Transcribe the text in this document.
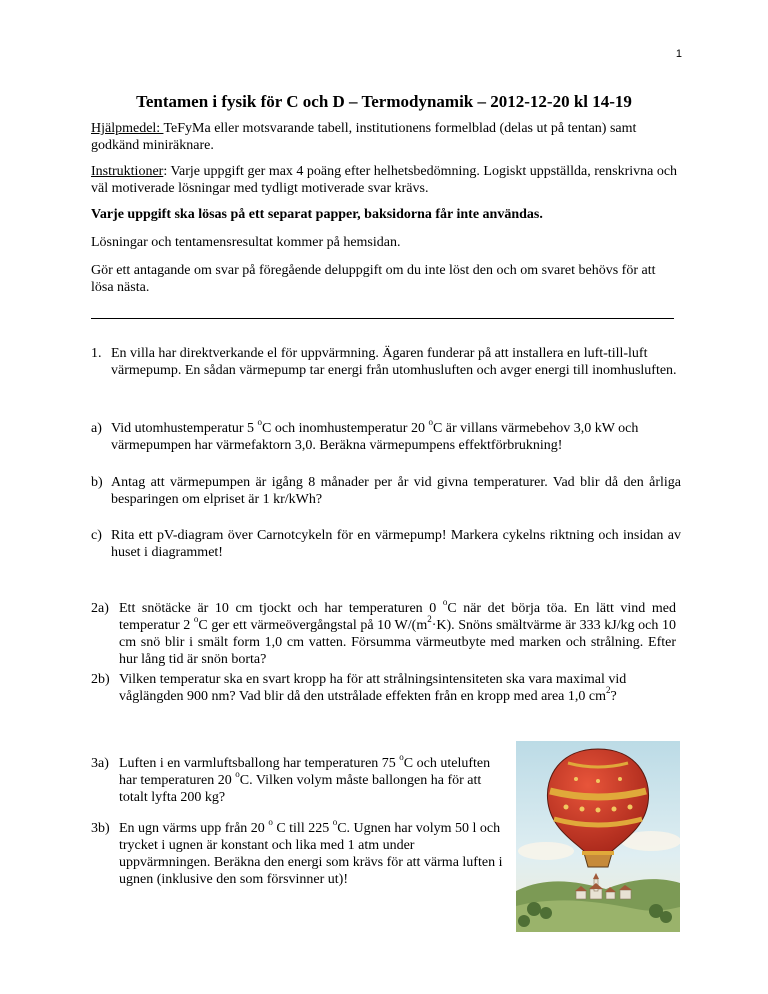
1
Tentamen i fysik för C och D – Termodynamik – 2012-12-20 kl 14-19
Hjälpmedel: TeFyMa eller motsvarande tabell, institutionens formelblad (delas ut på tentan) samt godkänd miniräknare.
Instruktioner: Varje uppgift ger max 4 poäng efter helhetsbedömning. Logiskt uppställda, renskrivna och väl motiverade lösningar med tydligt motiverade svar krävs.
Varje uppgift ska lösas på ett separat papper, baksidorna får inte användas.
Lösningar och tentamensresultat kommer på hemsidan.
Gör ett antagande om svar på föregående deluppgift om du inte löst den och om svaret behövs för att lösa nästa.
1. En villa har direktverkande el för uppvärmning. Ägaren funderar på att installera en luft-till-luft värmepump. En sådan värmepump tar energi från utomhusluften och avger energi till inomhusluften.
a) Vid utomhustemperatur 5 $^o$C och inomhustemperatur 20 $^o$C är villans värmebehov 3,0 kW och värmepumpen har värmefaktorn 3,0. Beräkna värmepumpens effektförbrukning!
b) Antag att värmepumpen är igång 8 månader per år vid givna temperaturer. Vad blir då den årliga besparingen om elpriset är 1 kr/kWh?
c) Rita ett pV-diagram över Carnotcykeln för en värmepump! Markera cykelns riktning och insidan av huset i diagrammet!
2a) Ett snötäcke är 10 cm tjockt och har temperaturen 0 $^o$C när det börja töa. En lätt vind med temperatur 2 $^o$C ger ett värmeövergångstal på 10 $W/(m^2\cdot K)$. Snöns smältvärme är 333 kJ/kg och 10 cm snö blir i smält form 1,0 cm vatten. Försumma värmeutbyte med marken och strålning. Efter hur lång tid är snön borta?
2b) Vilken temperatur ska en svart kropp ha för att strålningsintensiteten ska vara maximal vid våglängden 900 nm? Vad blir då den utstrålade effekten från en kropp med area 1,0 $cm^2$?
3a) Luften i en varmluftsballong har temperaturen 75 $^o$C och uteluften har temperaturen 20 $^o$C. Vilken volym måste ballongen ha för att totalt lyfta 200 kg?
3b) En ugn värms upp från 20 $^o$ C till 225 $^o$C. Ugnen har volym 50 l och trycket i ugnen är konstant och lika med 1 atm under uppvärmningen. Beräkna den energi som krävs för att värma luften i ugnen (inklusive den som försvinner ut)!
